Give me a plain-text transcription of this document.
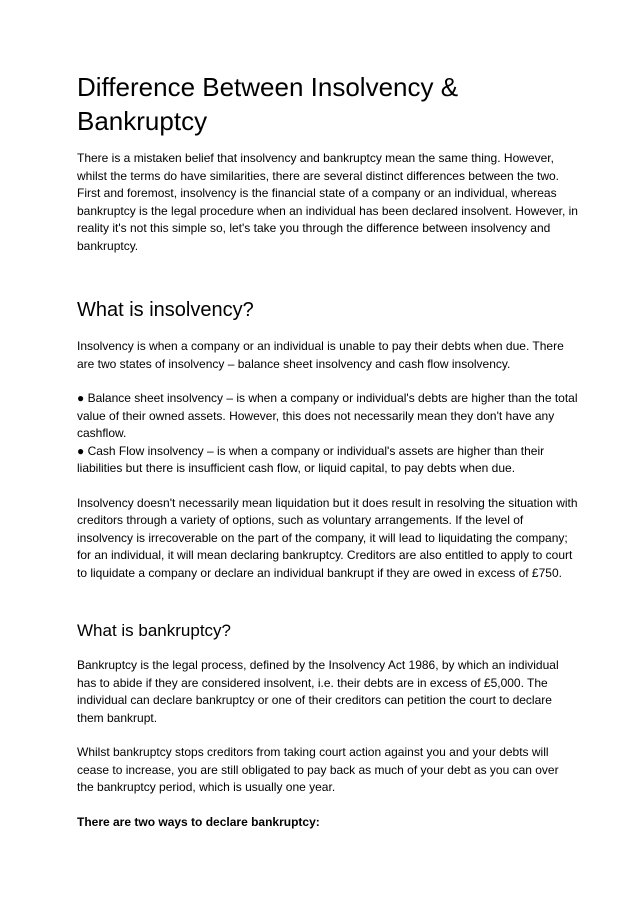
Difference Between Insolvency & Bankruptcy

There is a mistaken belief that insolvency and bankruptcy mean the same thing. However, whilst the terms do have similarities, there are several distinct differences between the two. First and foremost, insolvency is the financial state of a company or an individual, whereas bankruptcy is the legal procedure when an individual has been declared insolvent. However, in reality it's not this simple so, let's take you through the difference between insolvency and bankruptcy.

What is insolvency?

Insolvency is when a company or an individual is unable to pay their debts when due. There are two states of insolvency – balance sheet insolvency and cash flow insolvency.

● Balance sheet insolvency – is when a company or individual's debts are higher than the total value of their owned assets. However, this does not necessarily mean they don't have any cashflow.

● Cash Flow insolvency – is when a company or individual's assets are higher than their liabilities but there is insufficient cash flow, or liquid capital, to pay debts when due.

Insolvency doesn't necessarily mean liquidation but it does result in resolving the situation with creditors through a variety of options, such as voluntary arrangements. If the level of insolvency is irrecoverable on the part of the company, it will lead to liquidating the company; for an individual, it will mean declaring bankruptcy. Creditors are also entitled to apply to court to liquidate a company or declare an individual bankrupt if they are owed in excess of £750.

What is bankruptcy?

Bankruptcy is the legal process, defined by the Insolvency Act 1986, by which an individual has to abide if they are considered insolvent, i.e. their debts are in excess of £5,000. The individual can declare bankruptcy or one of their creditors can petition the court to declare them bankrupt.

Whilst bankruptcy stops creditors from taking court action against you and your debts will cease to increase, you are still obligated to pay back as much of your debt as you can over the bankruptcy period, which is usually one year.

There are two ways to declare bankruptcy:
